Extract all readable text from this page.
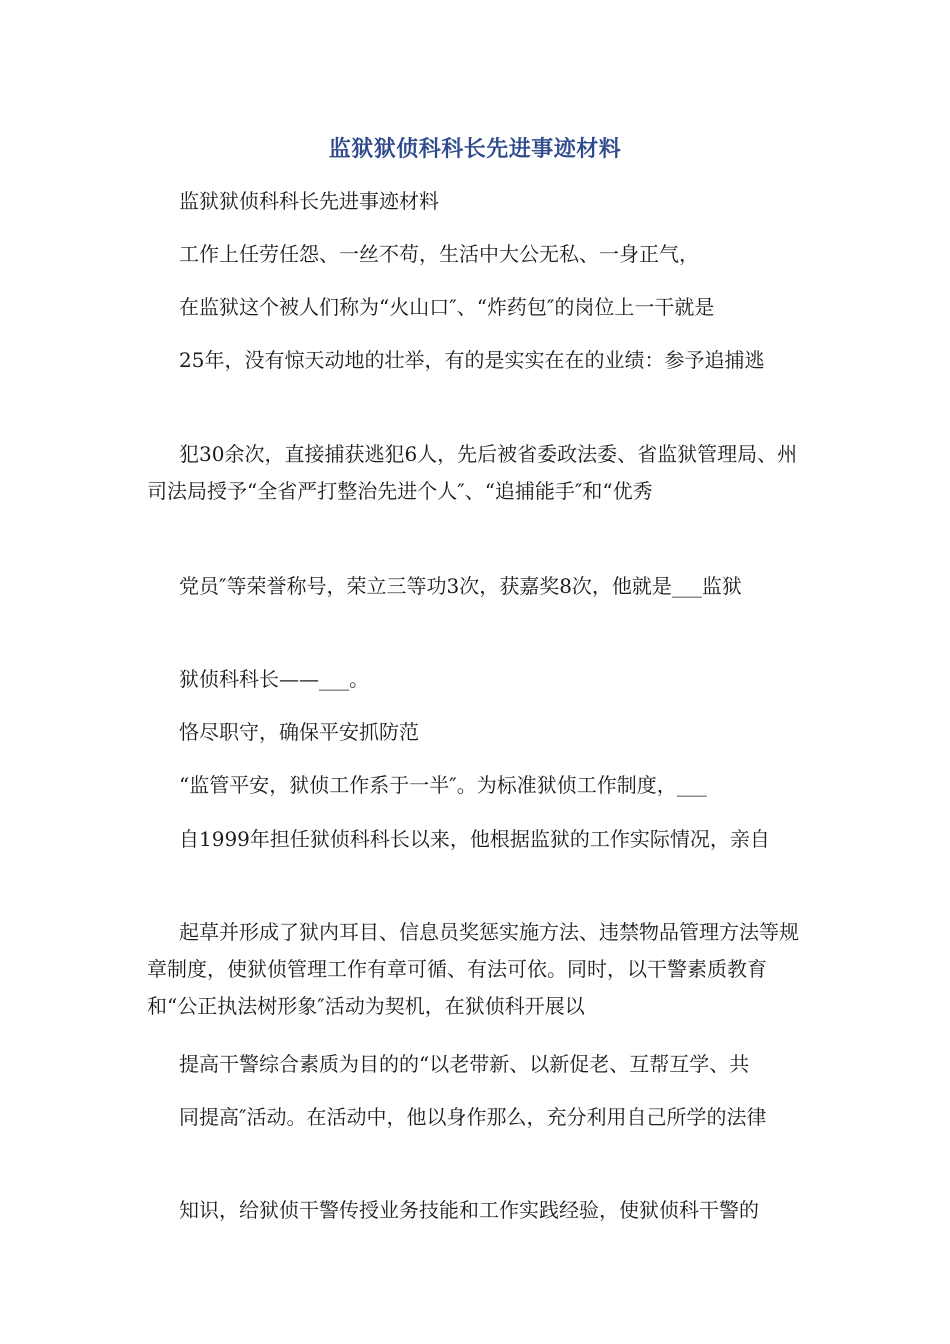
监狱狱侦科科长先进事迹材料
监狱狱侦科科长先进事迹材料
工作上任劳任怨、一丝不苟，生活中大公无私、一身正气，
在监狱这个被人们称为“火山口″、“炸药包″的岗位上一干就是
25年，没有惊天动地的壮举，有的是实实在在的业绩：参予追捕逃
犯30余次，直接捕获逃犯6人，先后被省委政法委、省监狱管理局、州司法局授予“全省严打整治先进个人″、“追捕能手″和“优秀
党员″等荣誉称号，荣立三等功3次，获嘉奖8次，他就是___监狱
狱侦科科长——___。
恪尽职守，确保平安抓防范
“监管平安，狱侦工作系于一半″。为标准狱侦工作制度，___
自1999年担任狱侦科科长以来，他根据监狱的工作实际情况，亲自
起草并形成了狱内耳目、信息员奖惩实施方法、违禁物品管理方法等规章制度，使狱侦管理工作有章可循、有法可依。同时，以干警素质教育和“公正执法树形象″活动为契机，在狱侦科开展以
提高干警综合素质为目的的“以老带新、以新促老、互帮互学、共
同提高″活动。在活动中，他以身作那么，充分利用自己所学的法律
知识，给狱侦干警传授业务技能和工作实践经验，使狱侦科干警的
